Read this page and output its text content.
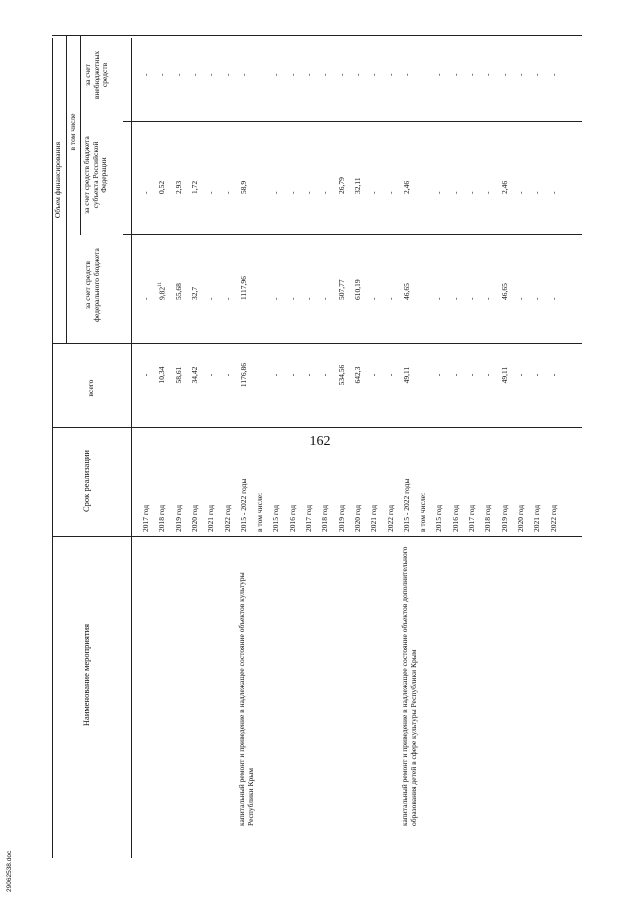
162
Наименование мероприятия
Срок реализации
всего
Объем финансирования
в том числе
за счет средств федерального бюджета
за счет средств бюджета субъекта Российской Федерации
за счет внебюджетных средств
2017 год
-
-
-
-
2018 год
10,34
9,82$^{11}$
0,52
-
2019 год
58,61
55,68
2,93
-
2020 год
34,42
32,7
1,72
-
2021 год
-
-
-
-
2022 год
-
-
-
-
капитальный ремонт и приведение в надлежащее состояние объектов культуры Республики Крым
2015 - 2022 годы
1176,86
1117,96
58,9
-
в том числе: 2015 год
-
-
-
-
2016 год
-
-
-
-
2017 год
-
-
-
-
2018 год
-
-
-
-
2019 год
534,56
507,77
26,79
-
2020 год
642,3
610,19
32,11
-
2021 год
-
-
-
-
2022 год
-
-
-
-
капитальный ремонт и приведение в надлежащее состояние объектов дополнительного образования детей в сфере культуры Республики Крым
2015 - 2022 годы
49,11
46,65
2,46
-
в том числе: 2015 год
-
-
-
-
2016 год
-
-
-
-
2017 год
-
-
-
-
2018 год
-
-
-
-
2019 год
49,11
46,65
2,46
-
2020 год
-
-
-
-
2021 год
-
-
-
-
2022 год
-
-
-
-
29062538.doc
